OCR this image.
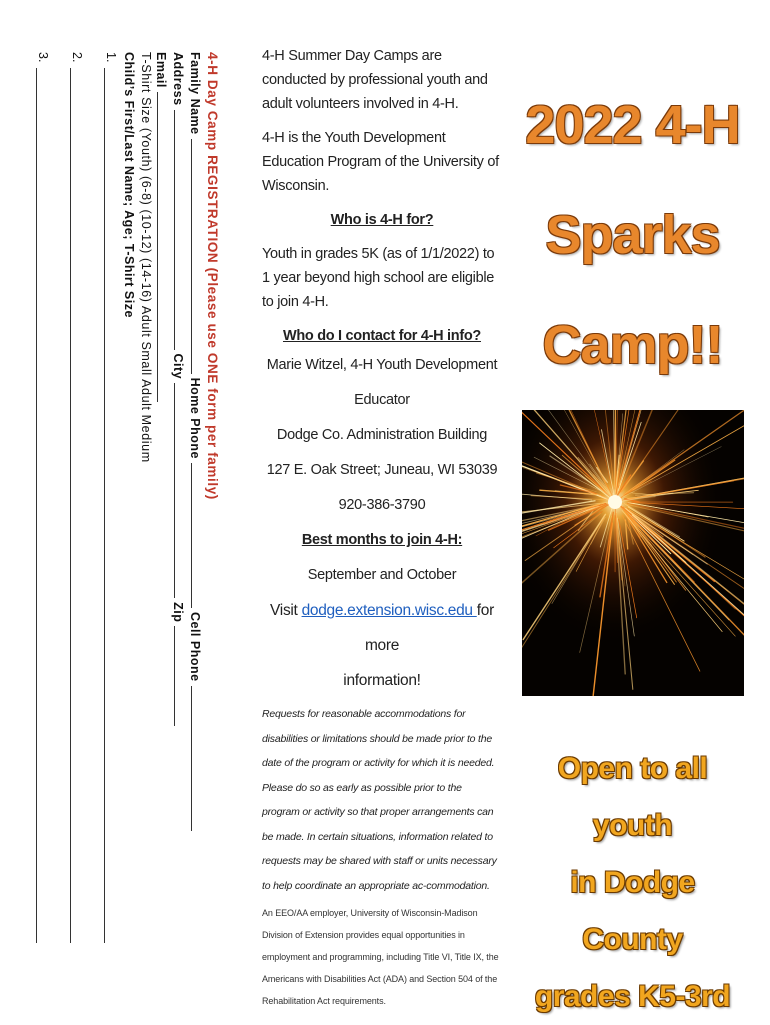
4-H Day Camp REGISTRATION (Please use ONE form per family)
Family Name  Home Phone  Cell Phone
Address  City  Zip
Email
T-Shirt Size (Youth) (6-8) (10-12) (14-16) Adult Small Adult Medium
Child’s First/Last Name; Age; T-Shirt Size
1.
2.
3.	4-H Summer Day Camps are conducted by professional youth and adult volunteers involved in 4-H.

4-H is the Youth Development Education Program of the University of Wisconsin.

Who is 4-H for?

Youth in grades 5K (as of 1/1/2022) to 1 year beyond high school are eligible to join 4-H.

Who do I contact for 4-H info?

Marie Witzel, 4-H Youth Development

Educator

Dodge Co. Administration Building

127 E. Oak Street; Juneau, WI 53039

920-386-3790

Best months to join 4-H:

September and October

Visit dodge.extension.wisc.edu for more

information!

Requests for reasonable accommodations for disabilities or limitations should be made prior to the date of the program or activity for which it is needed. Please do so as early as possible prior to the program or activity so that proper arrangements can be made. In certain situations, information related to requests may be shared with staff or units necessary to help coordinate an appropriate ac-commodation.

An EEO/AA employer, University of Wisconsin-Madison Division of Extension provides equal opportunities in employment and programming, including Title VI, Title IX, the Americans with Disabilities Act (ADA) and Section 504 of the Rehabilitation Act requirements.

2022 4-H
Sparks
Camp!!
Open to all youth
in Dodge County
grades K5-3rd
